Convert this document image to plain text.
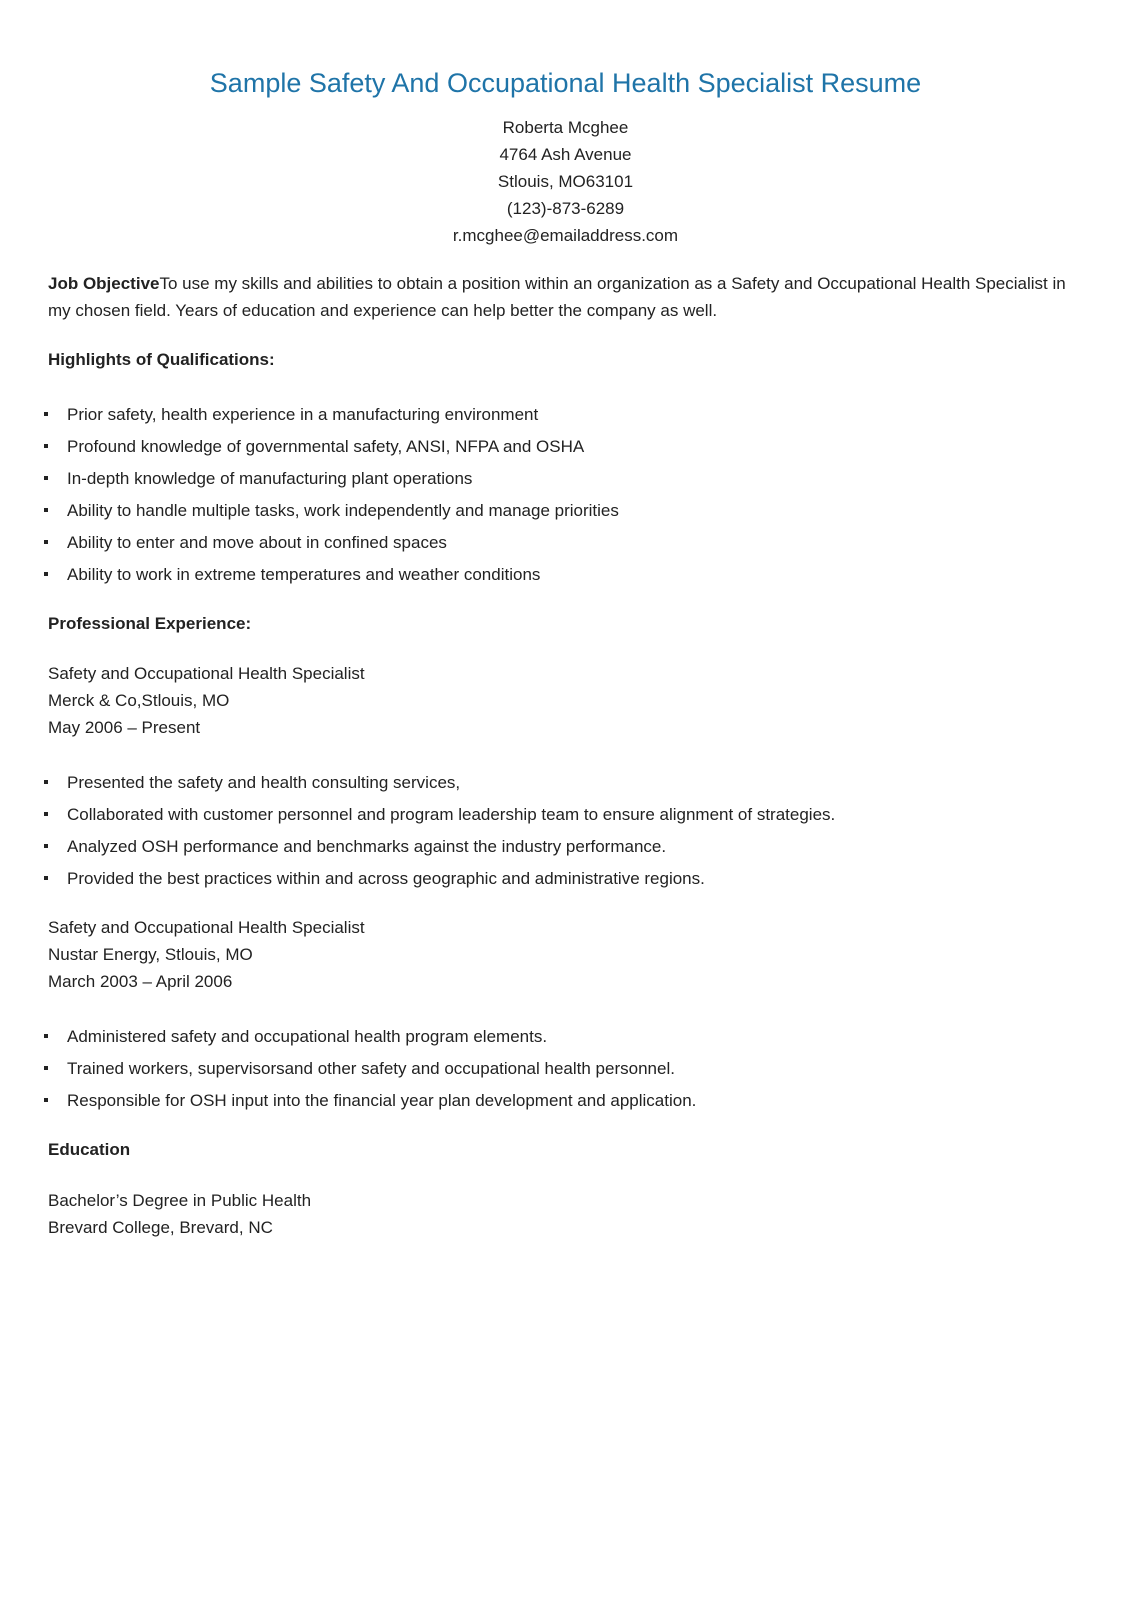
Sample Safety And Occupational Health Specialist Resume
Roberta Mcghee
4764 Ash Avenue
Stlouis, MO63101
(123)-873-6289
r.mcghee@emailaddress.com
Job ObjectiveTo use my skills and abilities to obtain a position within an organization as a Safety and Occupational Health Specialist in my chosen field. Years of education and experience can help better the company as well.
Highlights of Qualifications:
Prior safety, health experience in a manufacturing environment
Profound knowledge of governmental safety, ANSI, NFPA and OSHA
In-depth knowledge of manufacturing plant operations
Ability to handle multiple tasks, work independently and manage priorities
Ability to enter and move about in confined spaces
Ability to work in extreme temperatures and weather conditions
Professional Experience:
Safety and Occupational Health Specialist
Merck & Co,Stlouis, MO
May 2006 – Present
Presented the safety and health consulting services,
Collaborated with customer personnel and program leadership team to ensure alignment of strategies.
Analyzed OSH performance and benchmarks against the industry performance.
Provided the best practices within and across geographic and administrative regions.
Safety and Occupational Health Specialist
Nustar Energy, Stlouis, MO
March 2003 – April 2006
Administered safety and occupational health program elements.
Trained workers, supervisorsand other safety and occupational health personnel.
Responsible for OSH input into the financial year plan development and application.
Education
Bachelor’s Degree in Public Health
Brevard College, Brevard, NC
